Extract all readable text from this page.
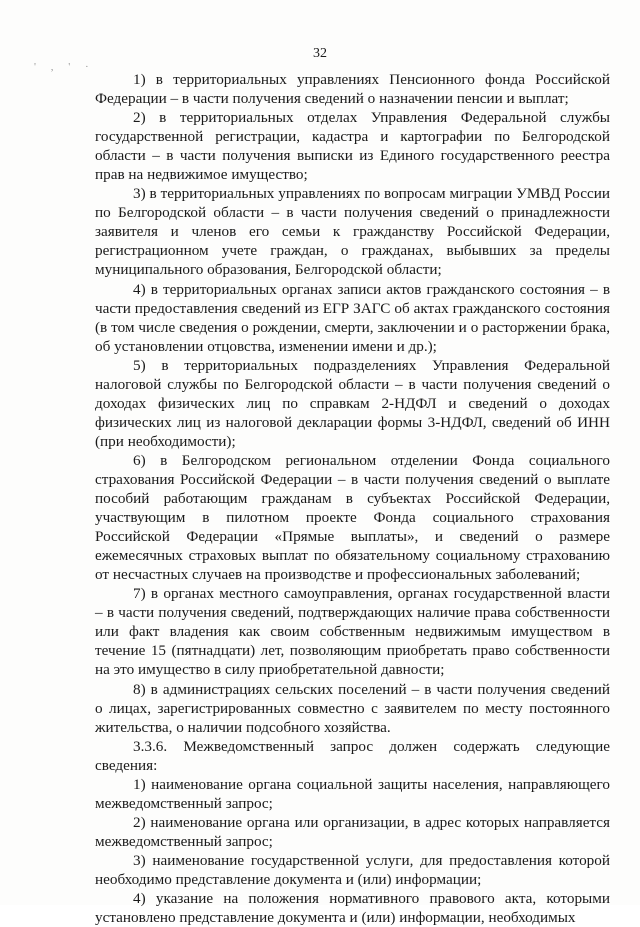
' , ' ·
32

1) в территориальных управлениях Пенсионного фонда Российской Федерации – в части получения сведений о назначении пенсии и выплат;

2) в территориальных отделах Управления Федеральной службы государственной регистрации, кадастра и картографии по Белгородской области – в части получения выписки из Единого государственного реестра прав на недвижимое имущество;

3) в территориальных управлениях по вопросам миграции УМВД России по Белгородской области – в части получения сведений о принадлежности заявителя и членов его семьи к гражданству Российской Федерации, регистрационном учете граждан, о гражданах, выбывших за пределы муниципального образования, Белгородской области;

4) в территориальных органах записи актов гражданского состояния – в части предоставления сведений из ЕГР ЗАГС об актах гражданского состояния (в том числе сведения о рождении, смерти, заключении и о расторжении брака, об установлении отцовства, изменении имени и др.);

5) в территориальных подразделениях Управления Федеральной налоговой службы по Белгородской области – в части получения сведений о доходах физических лиц по справкам 2-НДФЛ и сведений о доходах физических лиц из налоговой декларации формы 3-НДФЛ, сведений об ИНН (при необходимости);

6) в Белгородском региональном отделении Фонда социального страхования Российской Федерации – в части получения сведений о выплате пособий работающим гражданам в субъектах Российской Федерации, участвующим в пилотном проекте Фонда социального страхования Российской Федерации «Прямые выплаты», и сведений о размере ежемесячных страховых выплат по обязательному социальному страхованию от несчастных случаев на производстве и профессиональных заболеваний;

7) в органах местного самоуправления, органах государственной власти – в части получения сведений, подтверждающих наличие права собственности или факт владения как своим собственным недвижимым имуществом в течение 15 (пятнадцати) лет, позволяющим приобретать право собственности на это имущество в силу приобретательной давности;

8) в администрациях сельских поселений – в части получения сведений о лицах, зарегистрированных совместно с заявителем по месту постоянного жительства, о наличии подсобного хозяйства.

3.3.6. Межведомственный запрос должен содержать следующие сведения:

1) наименование органа социальной защиты населения, направляющего межведомственный запрос;

2) наименование органа или организации, в адрес которых направляется межведомственный запрос;

3) наименование государственной услуги, для предоставления которой необходимо представление документа и (или) информации;

4) указание на положения нормативного правового акта, которыми установлено представление документа и (или) информации, необходимых
